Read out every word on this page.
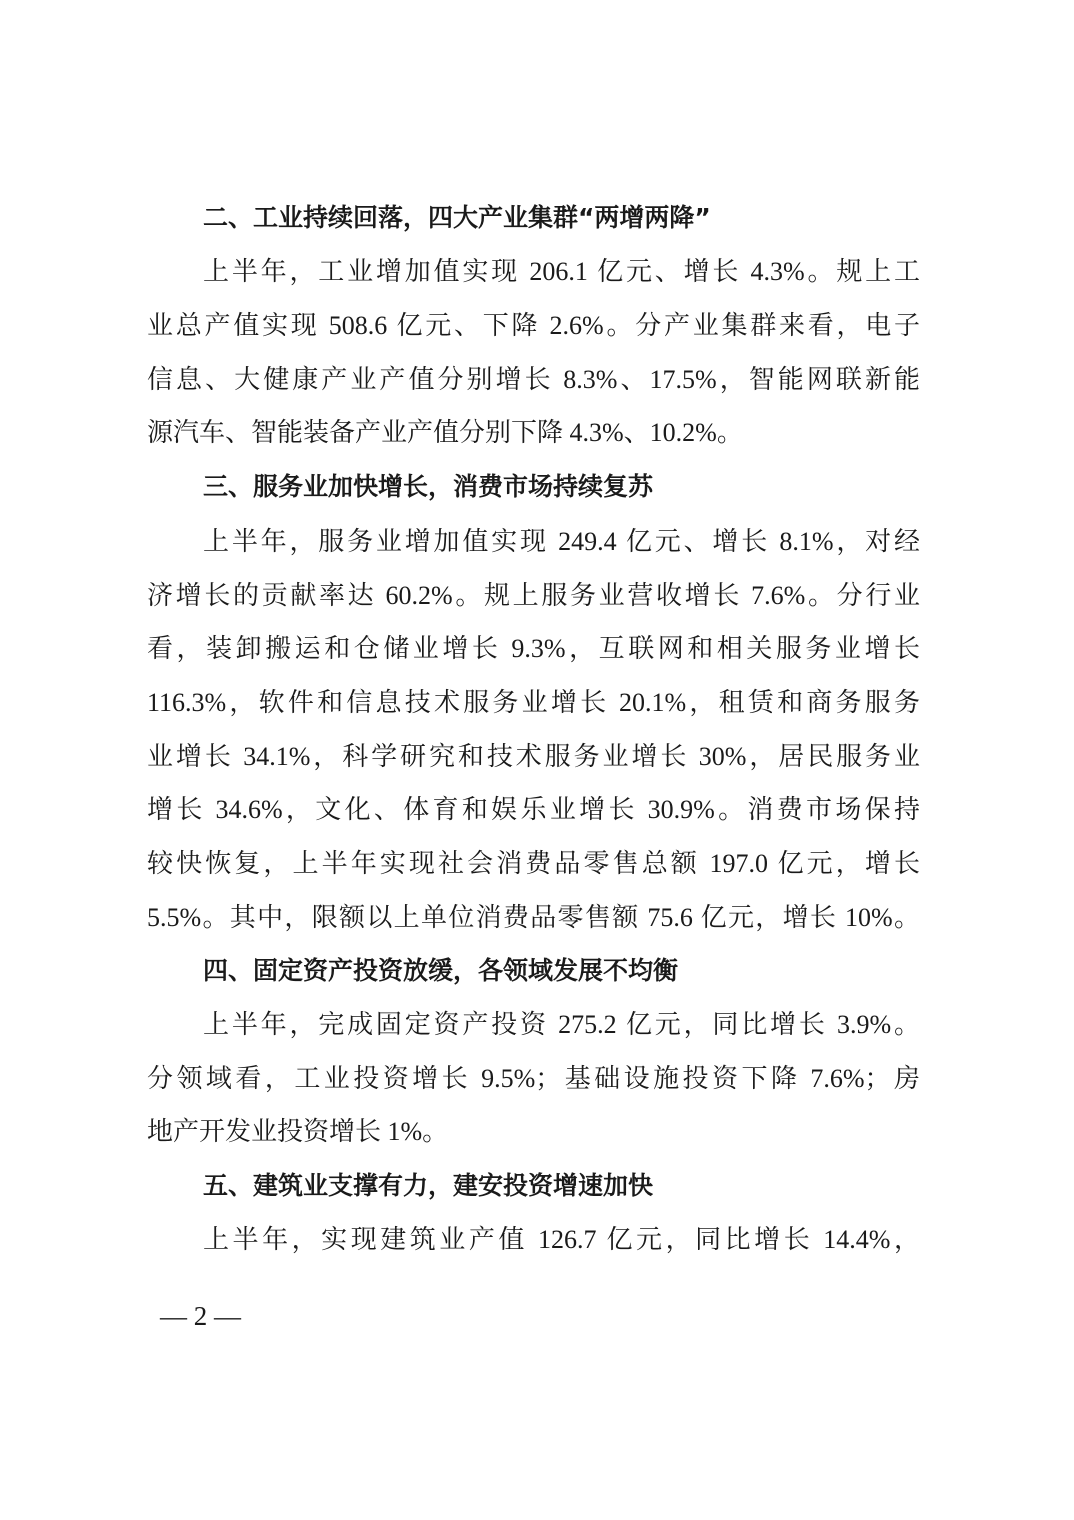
二、工业持续回落，四大产业集群“两增两降”
上半年，工业增加值实现 206.1 亿元、增长 4.3%。规上工
业总产值实现 508.6 亿元、下降 2.6%。分产业集群来看，电子
信息、大健康产业产值分别增长 8.3%、17.5%，智能网联新能
源汽车、智能装备产业产值分别下降 4.3%、10.2%。
三、服务业加快增长，消费市场持续复苏
上半年，服务业增加值实现 249.4 亿元、增长 8.1%，对经
济增长的贡献率达 60.2%。规上服务业营收增长 7.6%。分行业
看，装卸搬运和仓储业增长 9.3%，互联网和相关服务业增长
116.3%，软件和信息技术服务业增长 20.1%，租赁和商务服务
业增长 34.1%，科学研究和技术服务业增长 30%，居民服务业
增长 34.6%，文化、体育和娱乐业增长 30.9%。消费市场保持
较快恢复，上半年实现社会消费品零售总额 197.0 亿元，增长
5.5%。其中，限额以上单位消费品零售额 75.6 亿元，增长 10%。
四、固定资产投资放缓，各领域发展不均衡
上半年，完成固定资产投资 275.2 亿元，同比增长 3.9%。
分领域看，工业投资增长 9.5%；基础设施投资下降 7.6%；房
地产开发业投资增长 1%。
五、建筑业支撑有力，建安投资增速加快
上半年，实现建筑业产值 126.7 亿元，同比增长 14.4%，
— 2 —
